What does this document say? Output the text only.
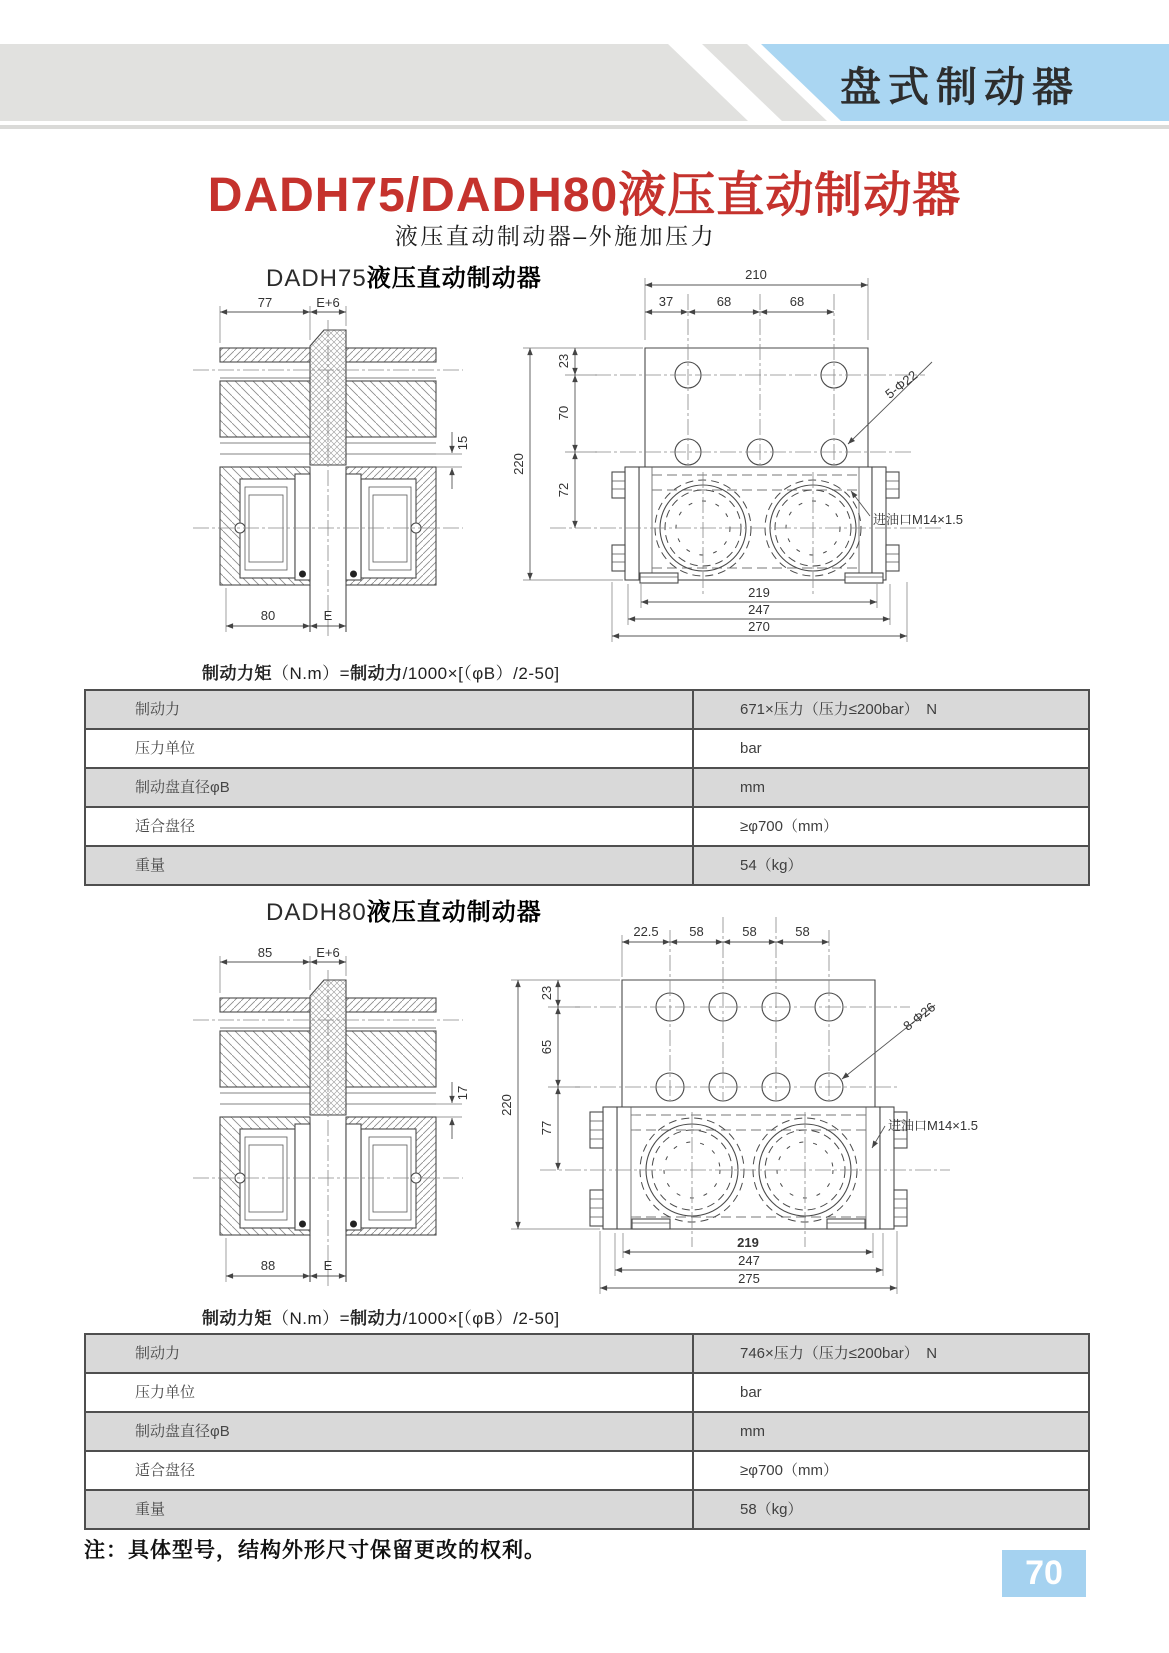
盘式制动器
DADH75/DADH80液压直动制动器
液压直动制动器–外施加压力
DADH75液压直动制动器
77	E+6
15
80	E
210
37	68	68
220
23
70
72
219
247
270
5-Φ22
进油口M14×1.5
制动力矩（N.m）=制动力/1000×[（φB）/2-50]
制动力	671×压力（压力≤200bar）　N
压力单位	bar
制动盘直径φB	mm
适合盘径	≥φ700（mm）
重量	54（kg）
DADH80液压直动制动器
85	E+6
17
88	E
22.5 58	58	58
220
23
65
77
219
247
275
8-Φ26
进油口M14×1.5
制动力矩（N.m）=制动力/1000×[（φB）/2-50]
制动力	746×压力（压力≤200bar）　N
压力单位	bar
制动盘直径φB	mm
适合盘径	≥φ700（mm）
重量	58（kg）
注：具体型号，结构外形尺寸保留更改的权利。
70
